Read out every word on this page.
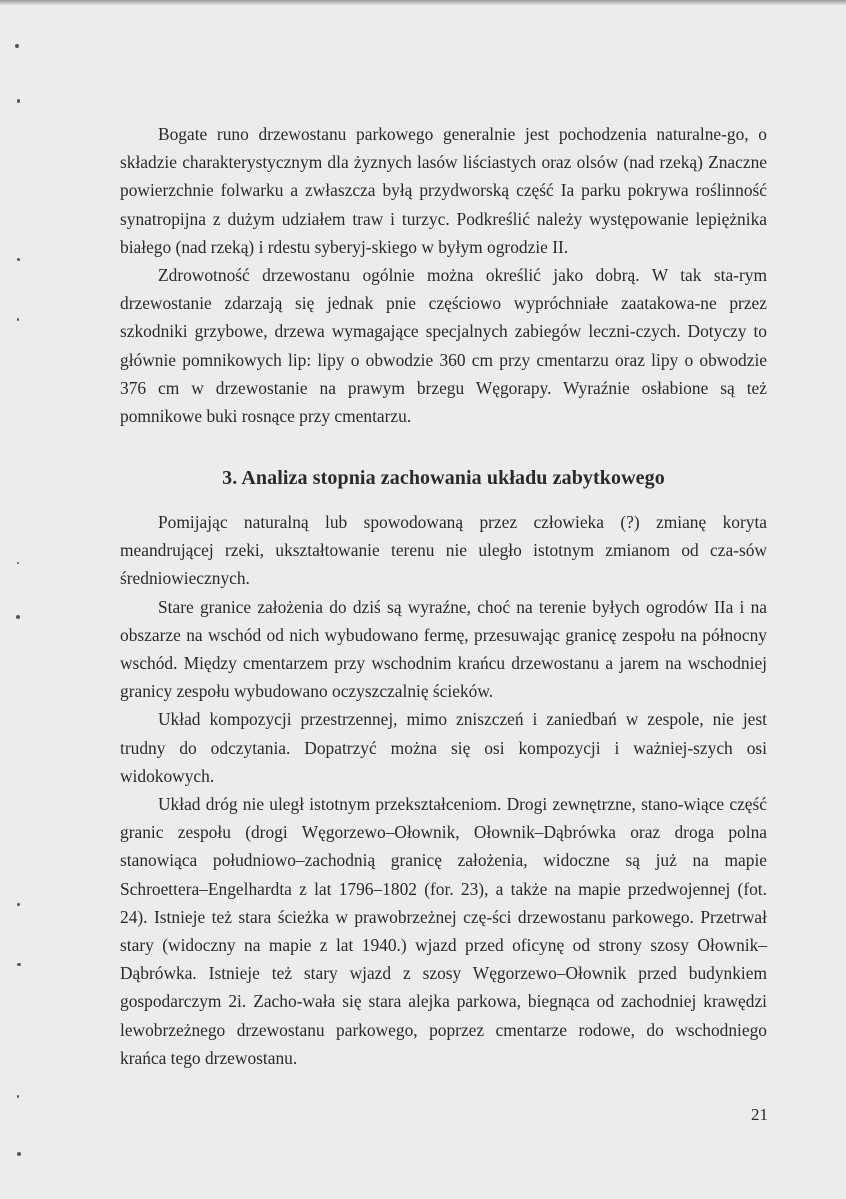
Bogate runo drzewostanu parkowego generalnie jest pochodzenia naturalne-go, o składzie charakterystycznym dla żyznych lasów liściastych oraz olsów (nad rzeką) Znaczne powierzchnie folwarku a zwłaszcza byłą przydworską część Ia parku pokrywa roślinność synatropijna z dużym udziałem traw i turzyc. Podkreślić należy występowanie lepiężnika białego (nad rzeką) i rdestu syberyj-skiego w byłym ogrodzie II.

Zdrowotność drzewostanu ogólnie można określić jako dobrą. W tak sta-rym drzewostanie zdarzają się jednak pnie częściowo wypróchniałe zaatakowa-ne przez szkodniki grzybowe, drzewa wymagające specjalnych zabiegów leczni-czych. Dotyczy to głównie pomnikowych lip: lipy o obwodzie 360 cm przy cmentarzu oraz lipy o obwodzie 376 cm w drzewostanie na prawym brzegu Węgorapy. Wyraźnie osłabione są też pomnikowe buki rosnące przy cmentarzu.

3. Analiza stopnia zachowania układu zabytkowego

Pomijając naturalną lub spowodowaną przez człowieka (?) zmianę koryta meandrującej rzeki, ukształtowanie terenu nie uległo istotnym zmianom od cza-sów średniowiecznych.

Stare granice założenia do dziś są wyraźne, choć na terenie byłych ogrodów IIa i na obszarze na wschód od nich wybudowano fermę, przesuwając granicę zespołu na północny wschód. Między cmentarzem przy wschodnim krańcu drzewostanu a jarem na wschodniej granicy zespołu wybudowano oczyszczalnię ścieków.

Układ kompozycji przestrzennej, mimo zniszczeń i zaniedbań w zespole, nie jest trudny do odczytania. Dopatrzyć można się osi kompozycji i ważniej-szych osi widokowych.

Układ dróg nie uległ istotnym przekształceniom. Drogi zewnętrzne, stano-wiące część granic zespołu (drogi Węgorzewo–Ołownik, Ołownik–Dąbrówka oraz droga polna stanowiąca południowo–zachodnią granicę założenia, widoczne są już na mapie Schroettera–Engelhardta z lat 1796–1802 (for. 23), a także na mapie przedwojennej (fot. 24). Istnieje też stara ścieżka w prawobrzeżnej czę-ści drzewostanu parkowego. Przetrwał stary (widoczny na mapie z lat 1940.) wjazd przed oficynę od strony szosy Ołownik–Dąbrówka. Istnieje też stary wjazd z szosy Węgorzewo–Ołownik przed budynkiem gospodarczym 2i. Zacho-wała się stara alejka parkowa, biegnąca od zachodniej krawędzi lewobrzeżnego drzewostanu parkowego, poprzez cmentarze rodowe, do wschodniego krańca tego drzewostanu.

21
